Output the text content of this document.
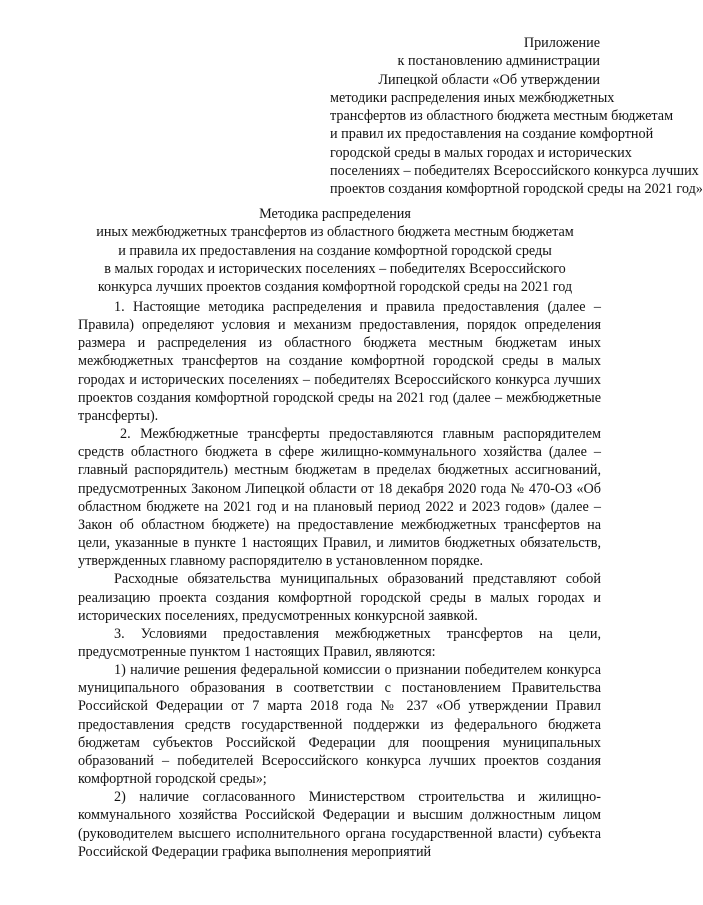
Приложение
к постановлению администрации
Липецкой области «Об утверждении
методики распределения иных межбюджетных
трансфертов из областного бюджета местным бюджетам
и правил их предоставления на создание комфортной
городской среды в малых городах и исторических
поселениях – победителях Всероссийского конкурса лучших
проектов создания комфортной городской среды на 2021 год»
Методика распределения
иных межбюджетных трансфертов из областного бюджета местным бюджетам
и правила их предоставления на создание комфортной городской среды
в малых городах и исторических поселениях – победителях Всероссийского
конкурса лучших проектов создания комфортной городской среды на 2021 год

1. Настоящие методика распределения и правила предоставления (далее – Правила) определяют условия и механизм предоставления, порядок определения размера и распределения из областного бюджета местным бюджетам иных межбюджетных трансфертов на создание комфортной городской среды в малых городах и исторических поселениях – победителях Всероссийского конкурса лучших проектов создания комфортной городской среды на 2021 год (далее – межбюджетные трансферты).

2. Межбюджетные трансферты предоставляются главным распорядителем средств областного бюджета в сфере жилищно-коммунального хозяйства (далее – главный распорядитель) местным бюджетам в пределах бюджетных ассигнований, предусмотренных Законом Липецкой области от 18 декабря 2020 года № 470-ОЗ «Об областном бюджете на 2021 год и на плановый период 2022 и 2023 годов» (далее – Закон об областном бюджете) на предоставление межбюджетных трансфертов на цели, указанные в пункте 1 настоящих Правил, и лимитов бюджетных обязательств, утвержденных главному распорядителю в установленном порядке.

Расходные обязательства муниципальных образований представляют собой реализацию проекта создания комфортной городской среды в малых городах и исторических поселениях, предусмотренных конкурсной заявкой.

3. Условиями предоставления межбюджетных трансфертов на цели, предусмотренные пунктом 1 настоящих Правил, являются:

1) наличие решения федеральной комиссии о признании победителем конкурса муниципального образования в соответствии с постановлением Правительства Российской Федерации от 7 марта 2018 года № 237 «Об утверждении Правил предоставления средств государственной поддержки из федерального бюджета бюджетам субъектов Российской Федерации для поощрения муниципальных образований – победителей Всероссийского конкурса лучших проектов создания комфортной городской среды»;

2) наличие согласованного Министерством строительства и жилищно-коммунального хозяйства Российской Федерации и высшим должностным лицом (руководителем высшего исполнительного органа государственной власти) субъекта Российской Федерации графика выполнения мероприятий
